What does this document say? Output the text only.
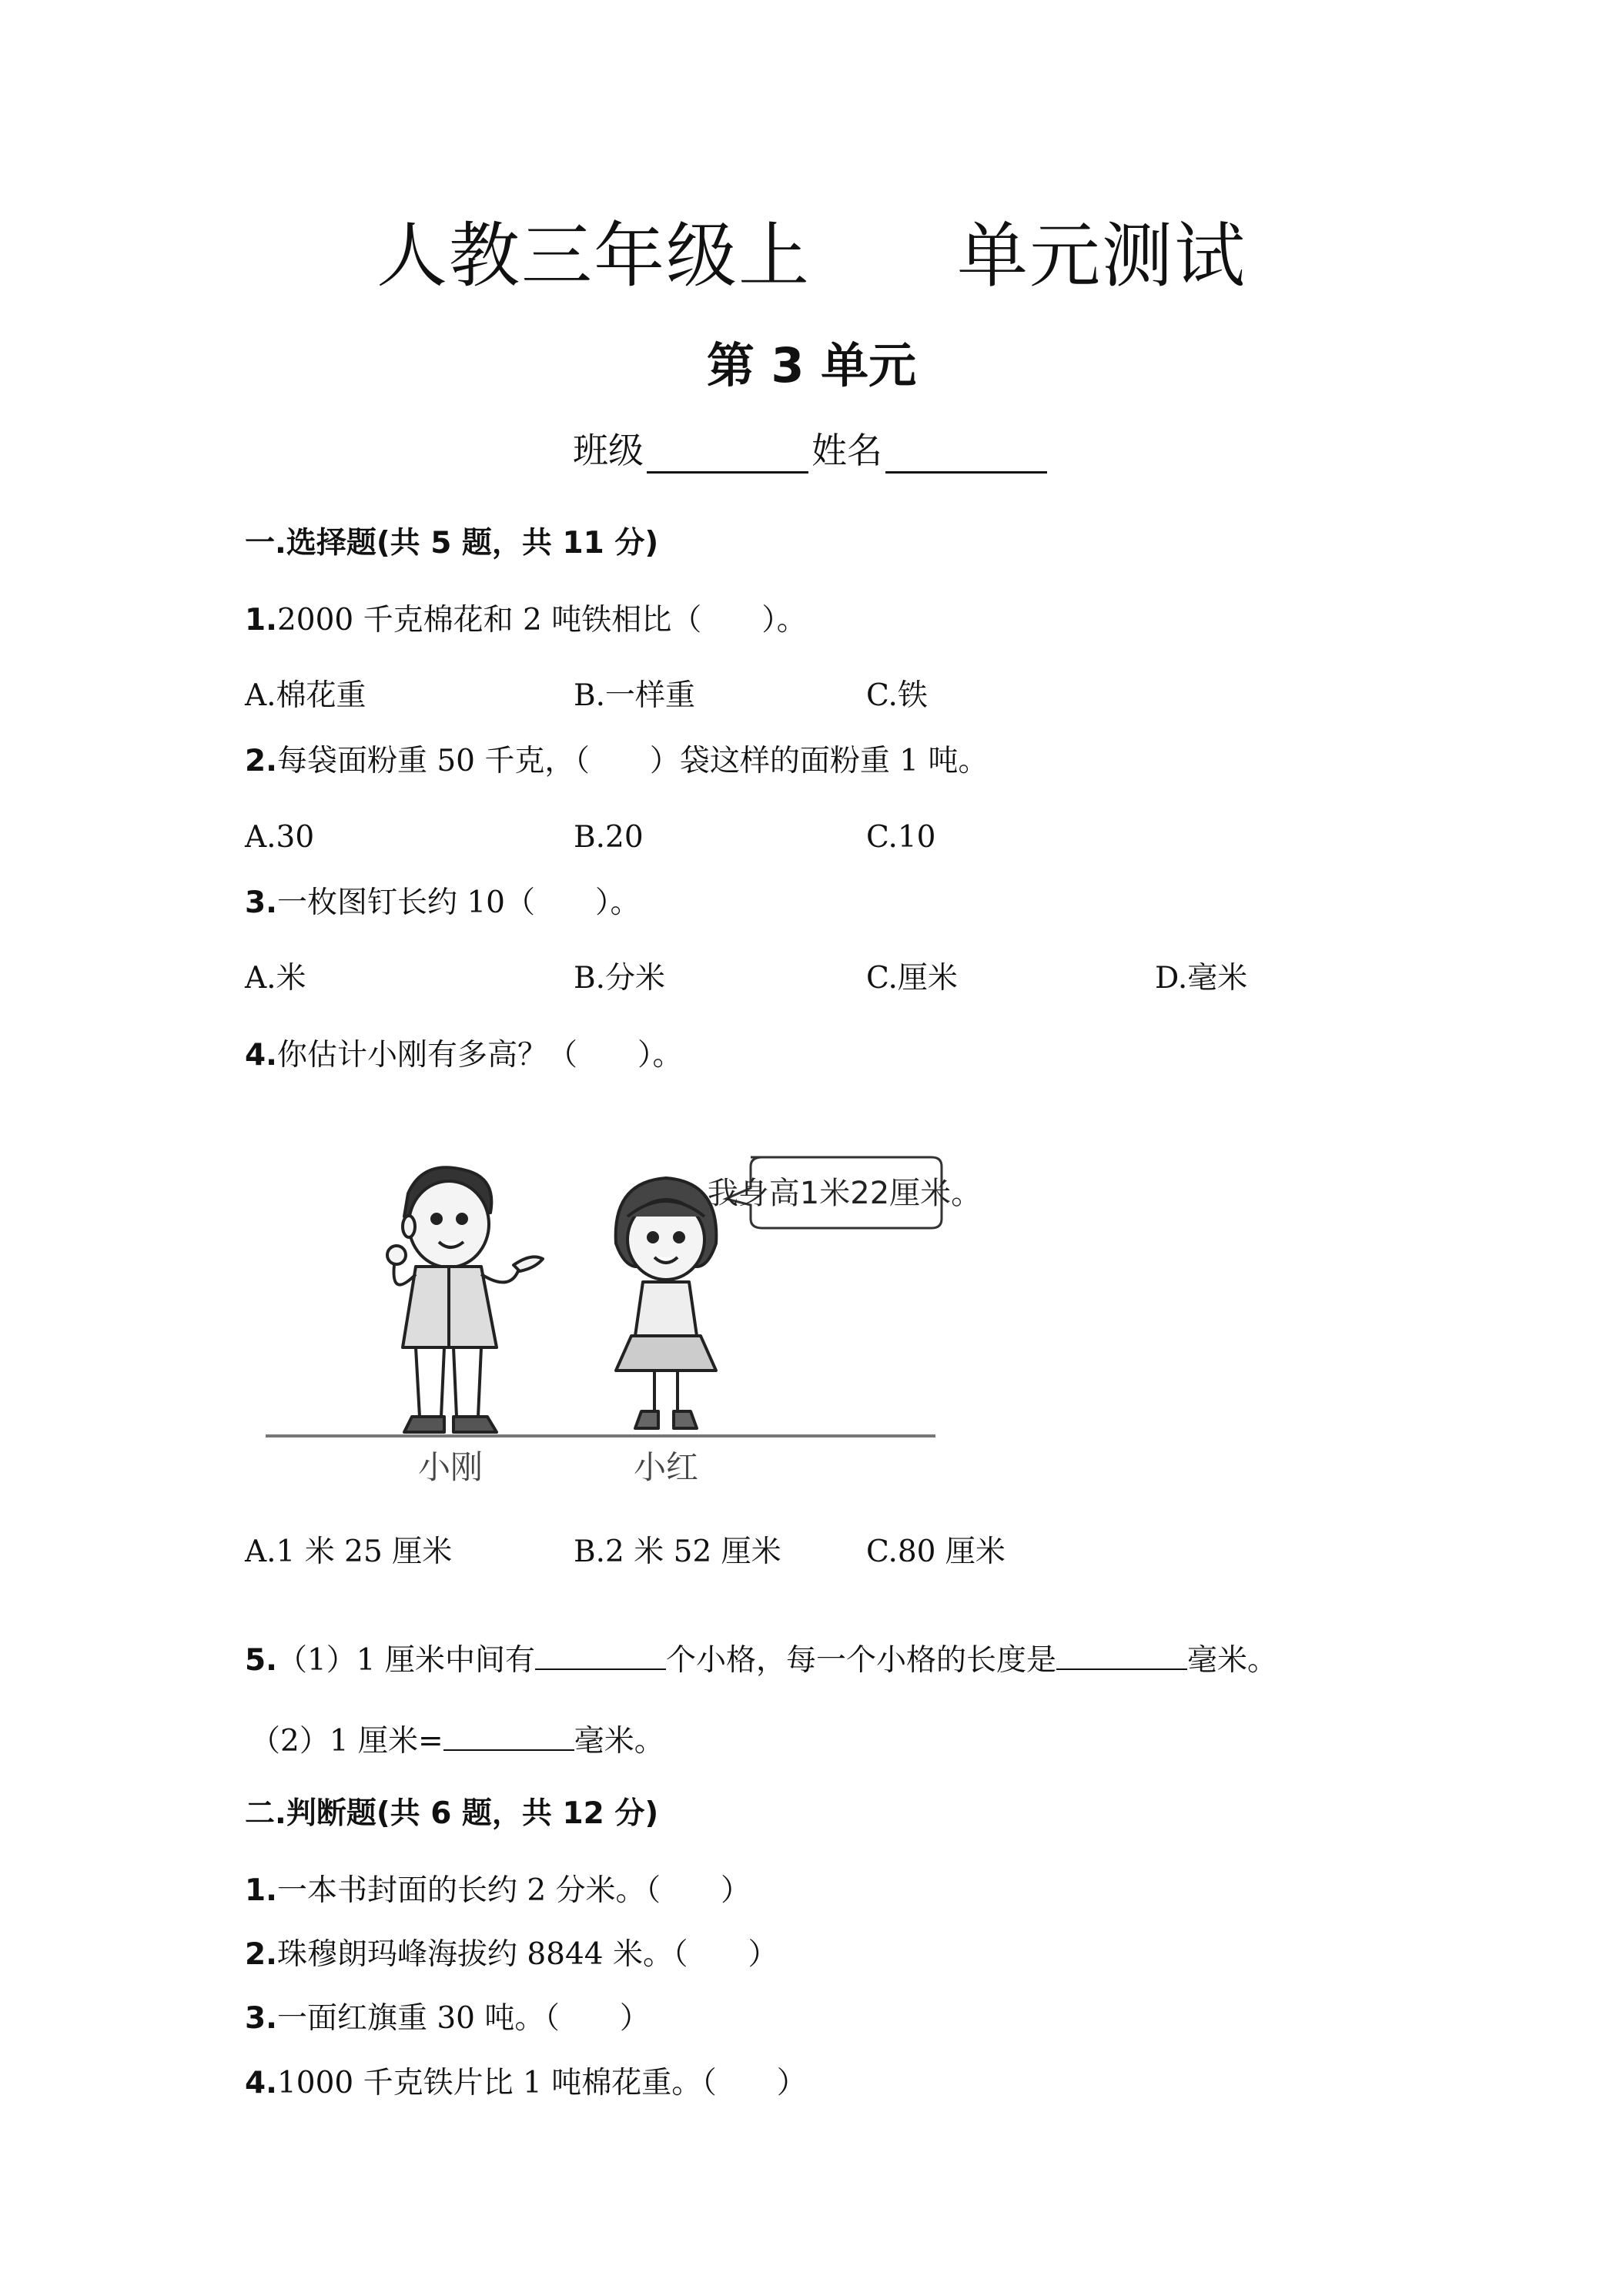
人教三年级上 单元测试
第 3 单元
班级	姓名
一.选择题(共 5 题，共 11 分)
1.2000 千克棉花和 2 吨铁相比（　　）。
A.棉花重	B.一样重	C.铁
2.每袋面粉重 50 千克，（　　）袋这样的面粉重 1 吨。
A.30	B.20	C.10
3.一枚图钉长约 10（　　）。
A.米	B.分米	C.厘米	D.毫米
4.你估计小刚有多高？（　　）。
我身高1米22厘米。
小刚	小红
A.1 米 25 厘米	B.2 米 52 厘米	C.80 厘米
5.（1）1 厘米中间有	个小格，每一个小格的长度是	毫米。
（2）1 厘米=	毫米。
二.判断题(共 6 题，共 12 分)
1.一本书封面的长约 2 分米。（　　）
2.珠穆朗玛峰海拔约 8844 米。（　　）
3.一面红旗重 30 吨。（　　）
4.1000 千克铁片比 1 吨棉花重。（　　）
